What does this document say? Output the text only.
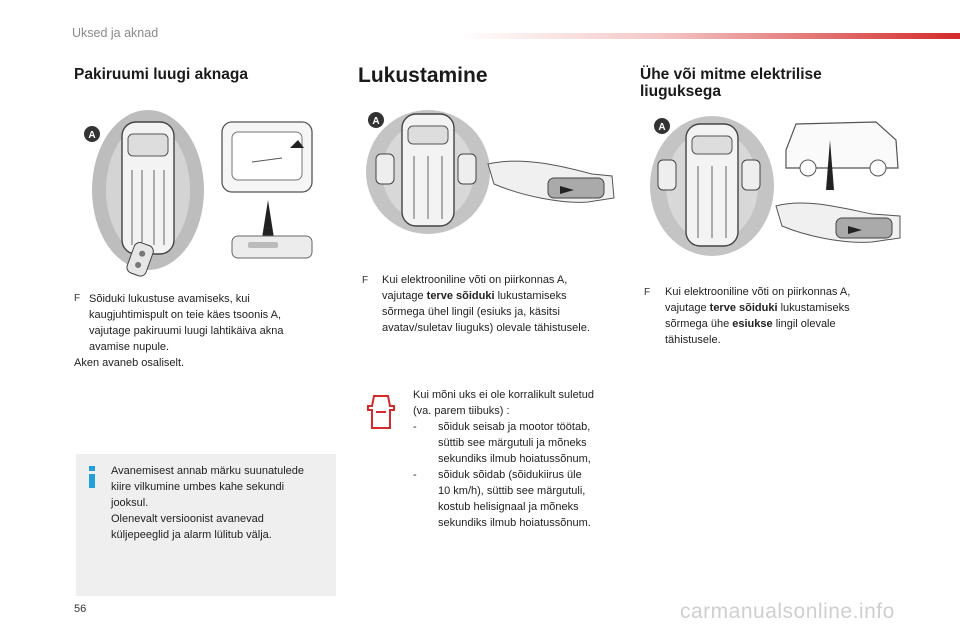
Uksed ja aknad
Pakiruumi luugi aknaga
A
F Sõiduki lukustuse avamiseks, kui
kaugjuhtimispult on teie käes tsoonis A,
vajutage pakiruumi luugi lahtikäiva akna
avamise nupule.
Aken avaneb osaliselt.
Avanemisest annab märku suunatulede
kiire vilkumine umbes kahe sekundi
jooksul.
Olenevalt versioonist avanevad
küljepeeglid ja alarm lülitub välja.
Lukustamine
A
F Kui elektrooniline võti on piirkonnas A,
vajutage terve sõiduki lukustamiseks
sõrmega ühel lingil (esiuks ja, käsitsi
avatav/suletav liuguks) olevale tähistusele.
Kui mõni uks ei ole korralikult suletud
(va. parem tiibuks) :
- sõiduk seisab ja mootor töötab,
süttib see märgutuli ja mõneks
sekundiks ilmub hoiatussõnum,
- sõiduk sõidab (sõidukiirus üle
10 km/h), süttib see märgutuli,
kostub helisignaal ja mõneks
sekundiks ilmub hoiatussõnum.
Ühe või mitme elektrilise
liuguksega
A
F Kui elektrooniline võti on piirkonnas A,
vajutage terve sõiduki lukustamiseks
sõrmega ühe esiukse lingil olevale
tähistusele.
56	carmanualsonline.info
